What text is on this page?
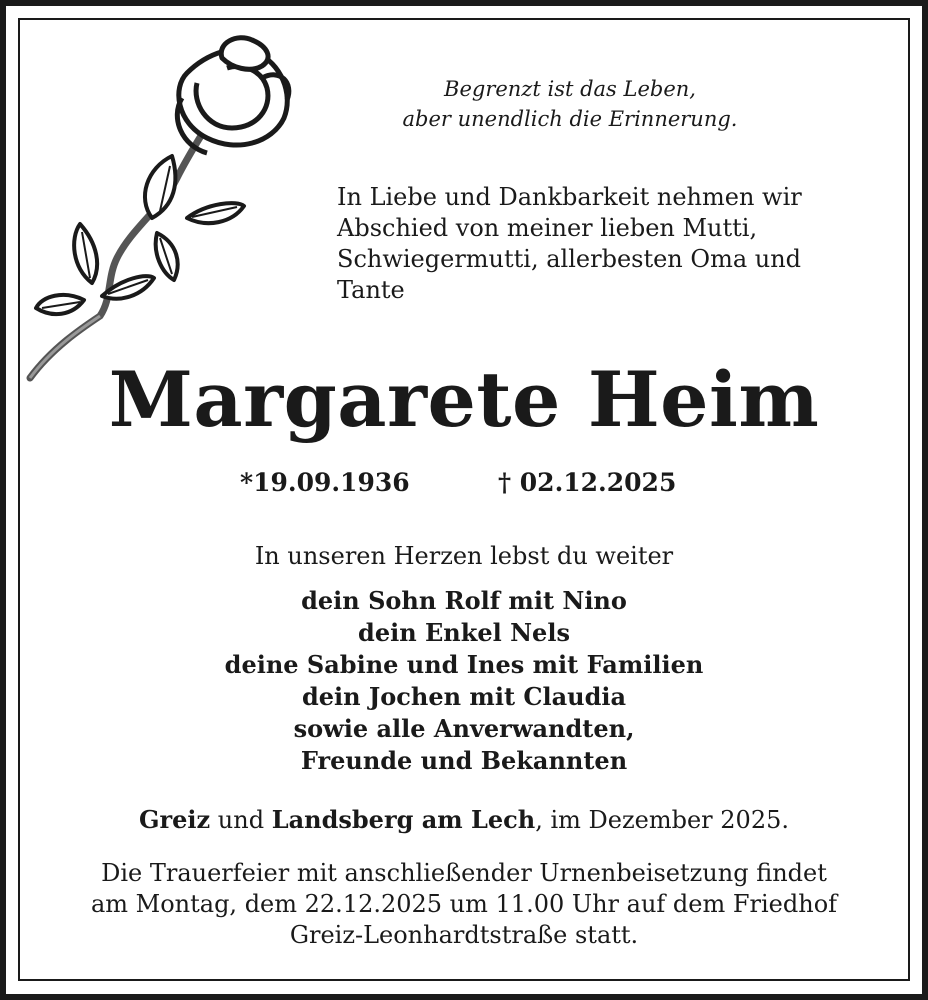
Begrenzt ist das Leben,
aber unendlich die Erinnerung.
In Liebe und Dankbarkeit nehmen wir
Abschied von meiner lieben Mutti,
Schwiegermutti, allerbesten Oma und
Tante
Margarete Heim
*19.09.1936	† 02.12.2025
In unseren Herzen lebst du weiter
dein Sohn Rolf mit Nino
dein Enkel Nels
deine Sabine und Ines mit Familien
dein Jochen mit Claudia
sowie alle Anverwandten,
Freunde und Bekannten
Greiz und Landsberg am Lech, im Dezember 2025.
Die Trauerfeier mit anschließender Urnenbeisetzung findet
am Montag, dem 22.12.2025 um 11.00 Uhr auf dem Friedhof
Greiz-Leonhardtstraße statt.
